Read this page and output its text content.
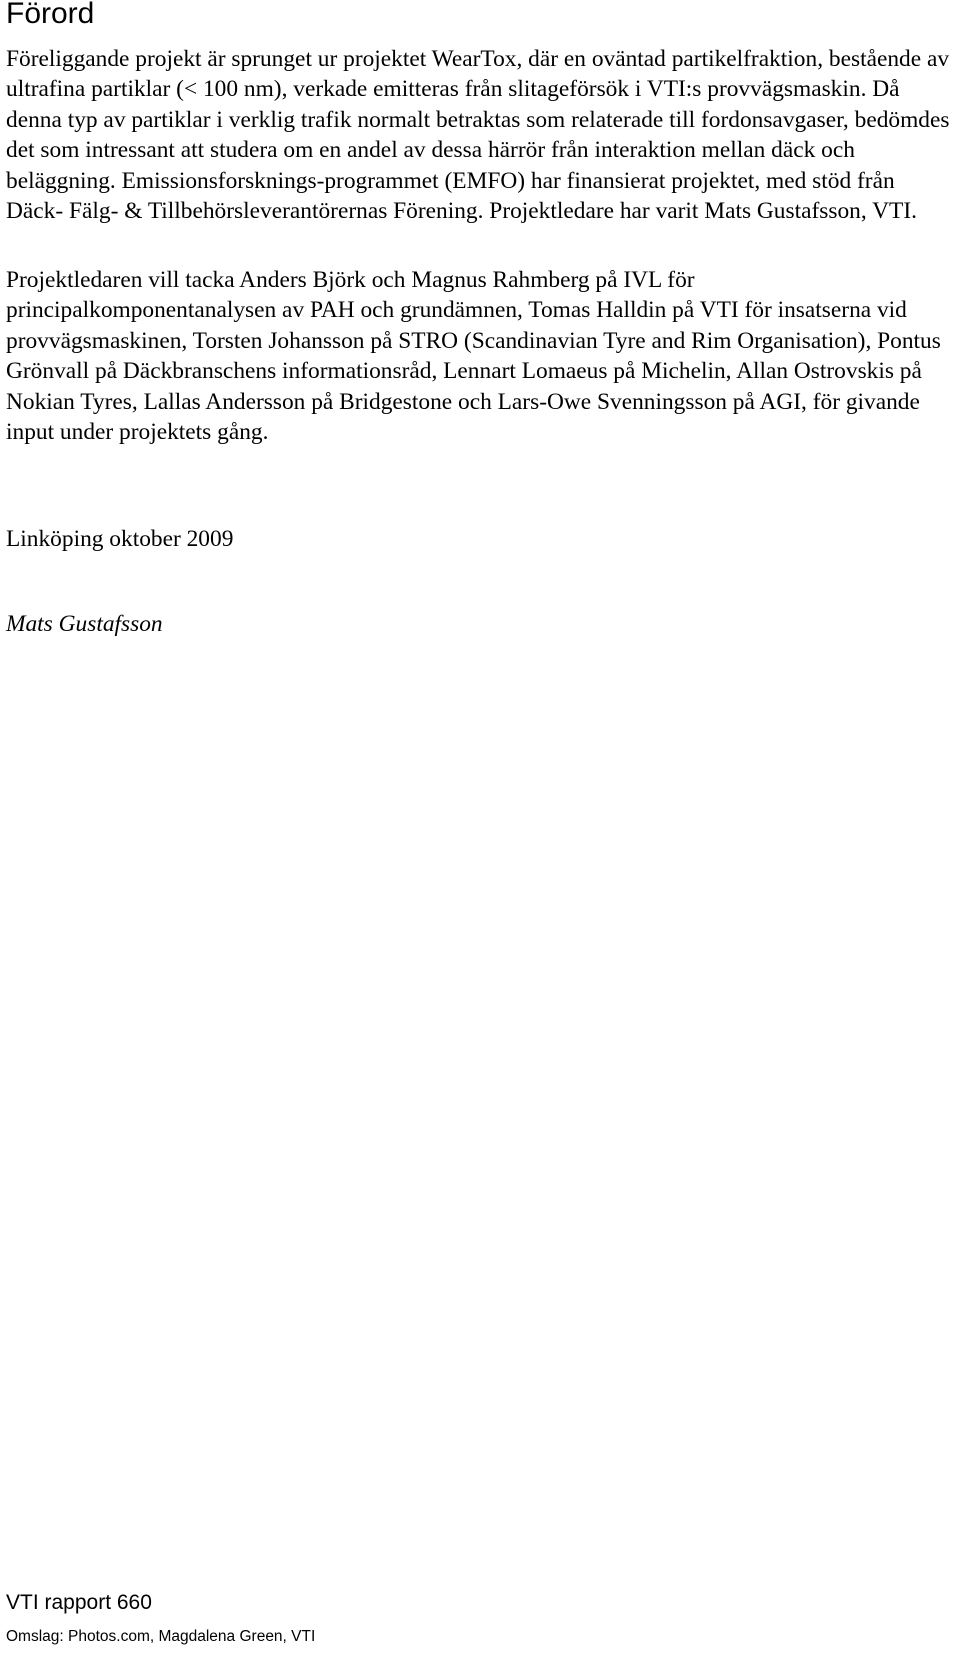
Förord

Föreliggande projekt är sprunget ur projektet WearTox, där en oväntad partikelfraktion, bestående av ultrafina partiklar (< 100 nm), verkade emitteras från slitageförsök i VTI:s provvägsmaskin. Då denna typ av partiklar i verklig trafik normalt betraktas som relaterade till fordonsavgaser, bedömdes det som intressant att studera om en andel av dessa härrör från interaktion mellan däck och beläggning. Emissionsforsknings-programmet (EMFO) har finansierat projektet, med stöd från Däck- Fälg- & Tillbehörsleverantörernas Förening. Projektledare har varit Mats Gustafsson, VTI.

Projektledaren vill tacka Anders Björk och Magnus Rahmberg på IVL för principalkomponentanalysen av PAH och grundämnen, Tomas Halldin på VTI för insatserna vid provvägsmaskinen, Torsten Johansson på STRO (Scandinavian Tyre and Rim Organisation), Pontus Grönvall på Däckbranschens informationsråd, Lennart Lomaeus på Michelin, Allan Ostrovskis på Nokian Tyres, Lallas Andersson på Bridgestone och Lars-Owe Svenningsson på AGI, för givande input under projektets gång.

Linköping oktober 2009

Mats Gustafsson

VTI rapport 660

Omslag: Photos.com, Magdalena Green, VTI
